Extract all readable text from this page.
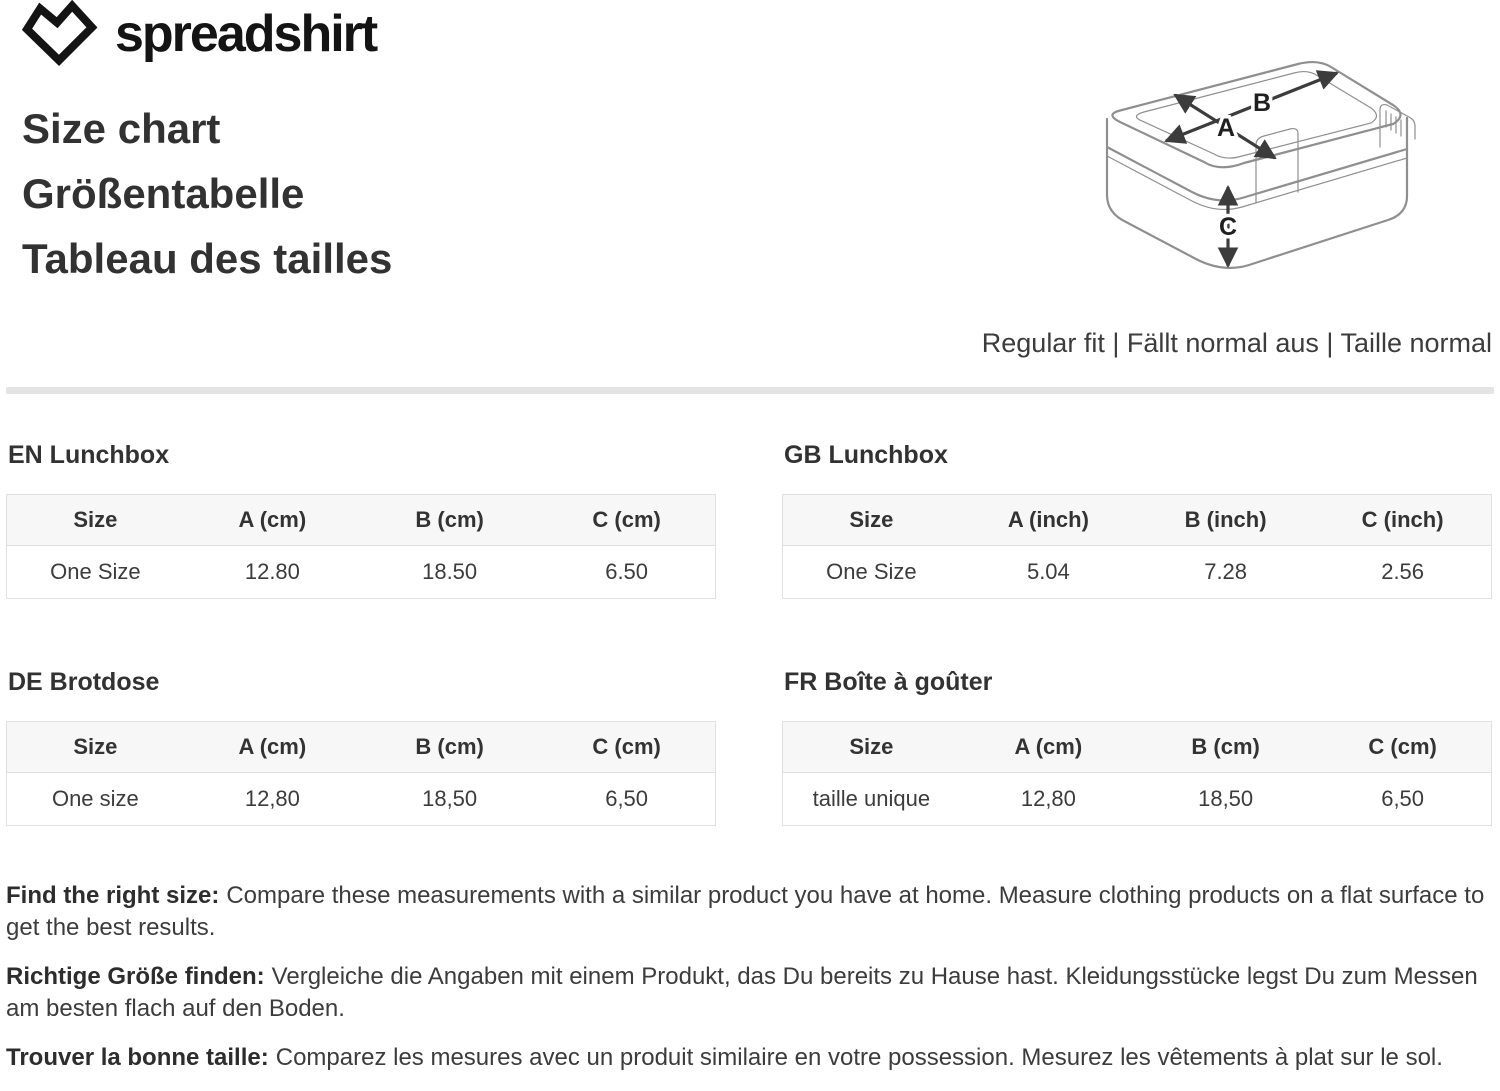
spreadshirt
Size chart
Größentabelle
Tableau des tailles
B
A
C
Regular fit | Fällt normal aus | Taille normal
EN Lunchbox
Size	A (cm)	B (cm)	C (cm)
One Size	12.80	18.50	6.50
GB Lunchbox
Size	A (inch)	B (inch)	C (inch)
One Size	5.04	7.28	2.56
DE Brotdose
Size	A (cm)	B (cm)	C (cm)
One size	12,80	18,50	6,50
FR Boîte à goûter
Size	A (cm)	B (cm)	C (cm)
taille unique	12,80	18,50	6,50

Find the right size: Compare these measurements with a similar product you have at home. Measure clothing products on a flat surface to get the best results.

Richtige Größe finden: Vergleiche die Angaben mit einem Produkt, das Du bereits zu Hause hast. Kleidungsstücke legst Du zum Messen am besten flach auf den Boden.

Trouver la bonne taille: Comparez les mesures avec un produit similaire en votre possession. Mesurez les vêtements à plat sur le sol.
